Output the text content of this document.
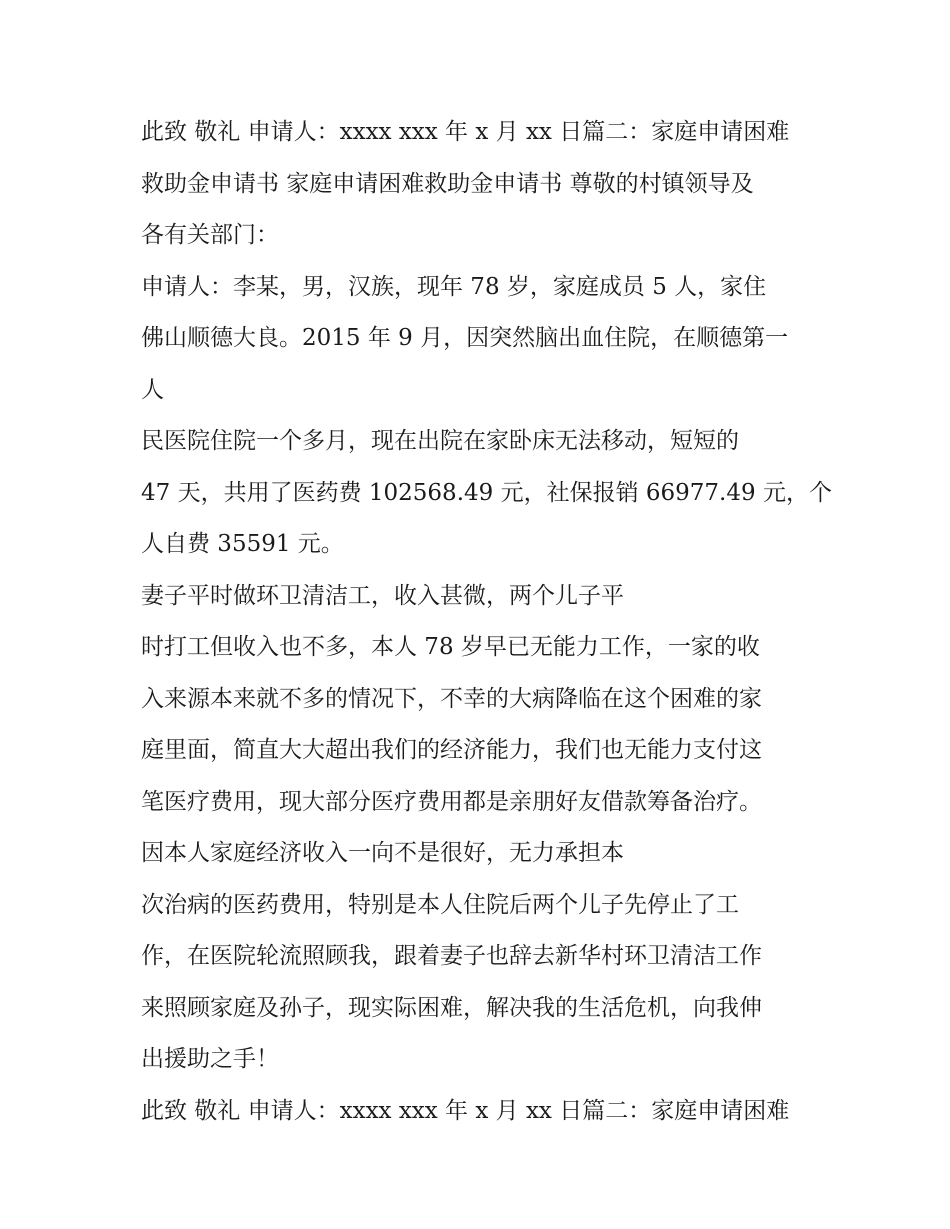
此致 敬礼 申请人：xxxx xxx 年 x 月 xx 日篇二：家庭申请困难
救助金申请书 家庭申请困难救助金申请书 尊敬的村镇领导及
各有关部门：
申请人：李某，男，汉族，现年 78 岁，家庭成员 5 人，家住
佛山顺德大良。2015 年 9 月，因突然脑出血住院，在顺德第一
人
民医院住院一个多月，现在出院在家卧床无法移动，短短的
47 天，共用了医药费 102568.49 元，社保报销 66977.49 元，个
人自费 35591 元。
妻子平时做环卫清洁工，收入甚微，两个儿子平
时打工但收入也不多，本人 78 岁早已无能力工作，一家的收
入来源本来就不多的情况下，不幸的大病降临在这个困难的家
庭里面，简直大大超出我们的经济能力，我们也无能力支付这
笔医疗费用，现大部分医疗费用都是亲朋好友借款筹备治疗。
因本人家庭经济收入一向不是很好，无力承担本
次治病的医药费用，特别是本人住院后两个儿子先停止了工
作，在医院轮流照顾我，跟着妻子也辞去新华村环卫清洁工作
来照顾家庭及孙子，现实际困难，解决我的生活危机，向我伸
出援助之手！
此致 敬礼 申请人：xxxx xxx 年 x 月 xx 日篇二：家庭申请困难
